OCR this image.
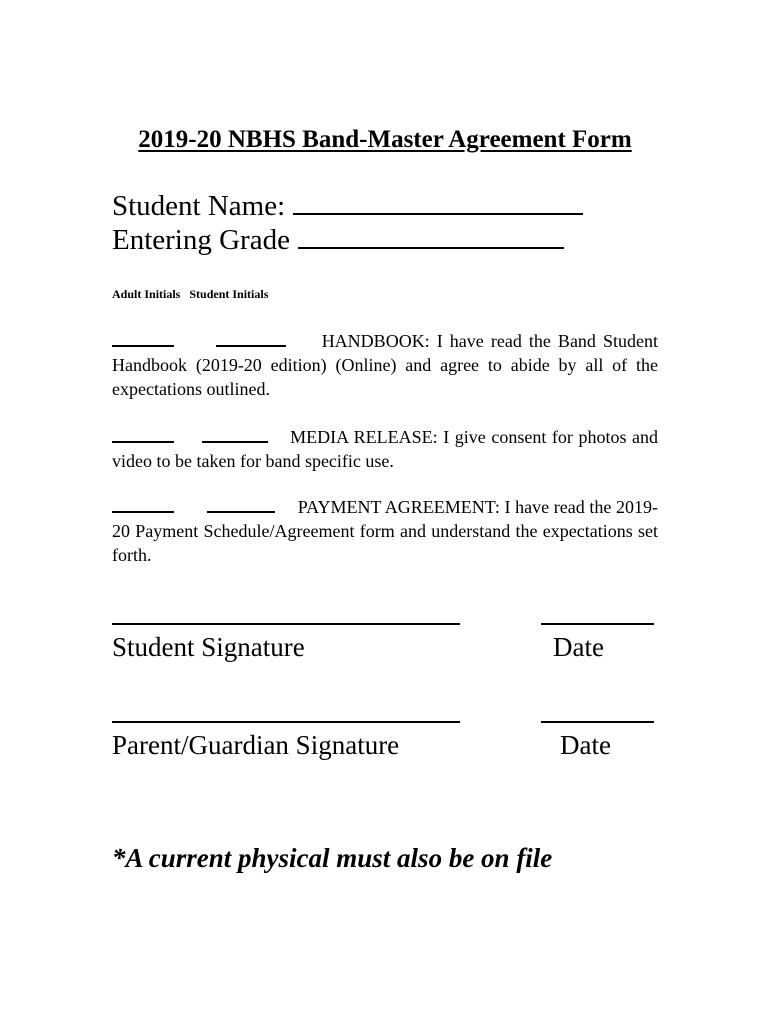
2019-20 NBHS Band-Master Agreement Form
Student Name:
Entering Grade
Adult Initials Student Initials
HANDBOOK: I have read the Band Student Handbook (2019-20 edition) (Online) and agree to abide by all of the expectations outlined.
MEDIA RELEASE: I give consent for photos and video to be taken for band specific use.
PAYMENT AGREEMENT: I have read the 2019-20 Payment Schedule/Agreement form and understand the expectations set forth.
Student Signature	Date
Parent/Guardian Signature	Date
*A current physical must also be on file
